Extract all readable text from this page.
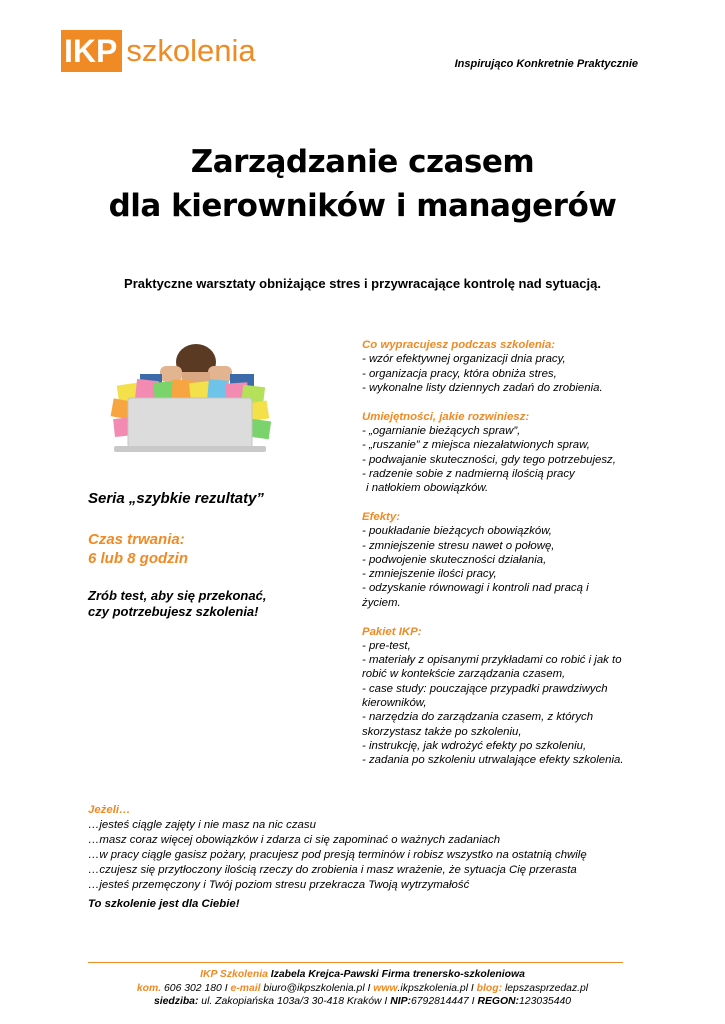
IKP szkolenia	Inspirująco Konkretnie Praktycznie
Zarządzanie czasem
dla kierowników i managerów
Praktyczne warsztaty obniżające stres i przywracające kontrolę nad sytuacją.
Seria „szybkie rezultaty”
Czas trwania:
6 lub 8 godzin
Zrób test, aby się przekonać,
czy potrzebujesz szkolenia!
Co wypracujesz podczas szkolenia:
- wzór efektywnej organizacji dnia pracy,
- organizacja pracy, która obniża stres,
- wykonalne listy dziennych zadań do zrobienia.
Umiejętności, jakie rozwiniesz:
- „ogarnianie bieżących spraw”,
- „ruszanie” z miejsca niezałatwionych spraw,
- podwajanie skuteczności, gdy tego potrzebujesz,
- radzenie sobie z nadmierną ilością pracy
i natłokiem obowiązków.
Efekty:
- poukładanie bieżących obowiązków,
- zmniejszenie stresu nawet o połowę,
- podwojenie skuteczności działania,
- zmniejszenie ilości pracy,
- odzyskanie równowagi i kontroli nad pracą i
życiem.
Pakiet IKP:
- pre-test,
- materiały z opisanymi przykładami co robić i jak to
robić w kontekście zarządzania czasem,
- case study: pouczające przypadki prawdziwych
kierowników,
- narzędzia do zarządzania czasem, z których
skorzystasz także po szkoleniu,
- instrukcję, jak wdrożyć efekty po szkoleniu,
- zadania po szkoleniu utrwalające efekty szkolenia.
Jeżeli…
…jesteś ciągle zajęty i nie masz na nic czasu
…masz coraz więcej obowiązków i zdarza ci się zapominać o ważnych zadaniach
…w pracy ciągle gasisz pożary, pracujesz pod presją terminów i robisz wszystko na ostatnią chwilę
…czujesz się przytłoczony ilością rzeczy do zrobienia i masz wrażenie, że sytuacja Cię przerasta
…jesteś przemęczony i Twój poziom stresu przekracza Twoją wytrzymałość
To szkolenie jest dla Ciebie!
IKP Szkolenia Izabela Krejca-Pawski Firma trenersko-szkoleniowa
kom. 606 302 180 I e-mail biuro@ikpszkolenia.pl I www.ikpszkolenia.pl I blog: lepszasprzedaz.pl
siedziba: ul. Zakopiańska 103a/3 30-418 Kraków I NIP:6792814447 I REGON:123035440
